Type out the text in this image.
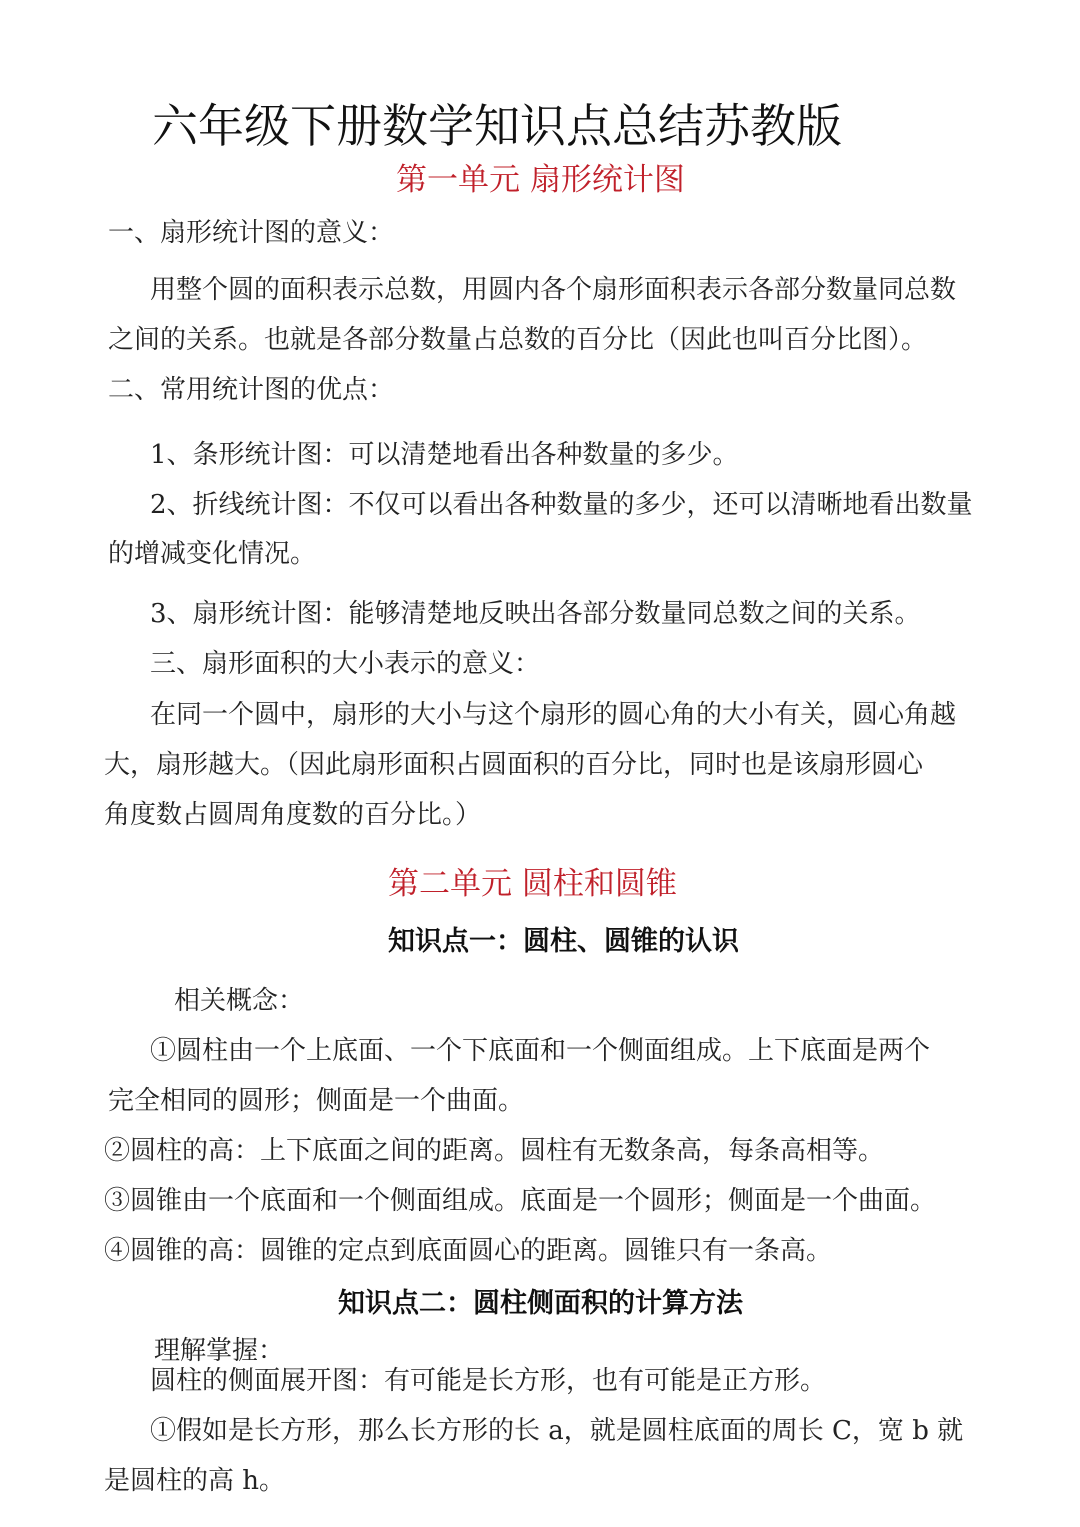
六年级下册数学知识点总结苏教版
第一单元 扇形统计图
一、扇形统计图的意义：
用整个圆的面积表示总数，用圆内各个扇形面积表示各部分数量同总数
之间的关系。也就是各部分数量占总数的百分比（因此也叫百分比图）。
二、常用统计图的优点：
1、条形统计图：可以清楚地看出各种数量的多少。
2、折线统计图：不仅可以看出各种数量的多少，还可以清晰地看出数量
的增减变化情况。
3、扇形统计图：能够清楚地反映出各部分数量同总数之间的关系。
三、扇形面积的大小表示的意义：
在同一个圆中，扇形的大小与这个扇形的圆心角的大小有关，圆心角越
大，扇形越大。（因此扇形面积占圆面积的百分比，同时也是该扇形圆心
角度数占圆周角度数的百分比。）
第二单元 圆柱和圆锥
知识点一：圆柱、圆锥的认识
相关概念：
①圆柱由一个上底面、一个下底面和一个侧面组成。上下底面是两个
完全相同的圆形；侧面是一个曲面。
②圆柱的高：上下底面之间的距离。圆柱有无数条高，每条高相等。
③圆锥由一个底面和一个侧面组成。底面是一个圆形；侧面是一个曲面。
④圆锥的高：圆锥的定点到底面圆心的距离。圆锥只有一条高。
知识点二：圆柱侧面积的计算方法
理解掌握：
圆柱的侧面展开图：有可能是长方形，也有可能是正方形。
①假如是长方形，那么长方形的长 a，就是圆柱底面的周长 C，宽 b 就
是圆柱的高 h。
